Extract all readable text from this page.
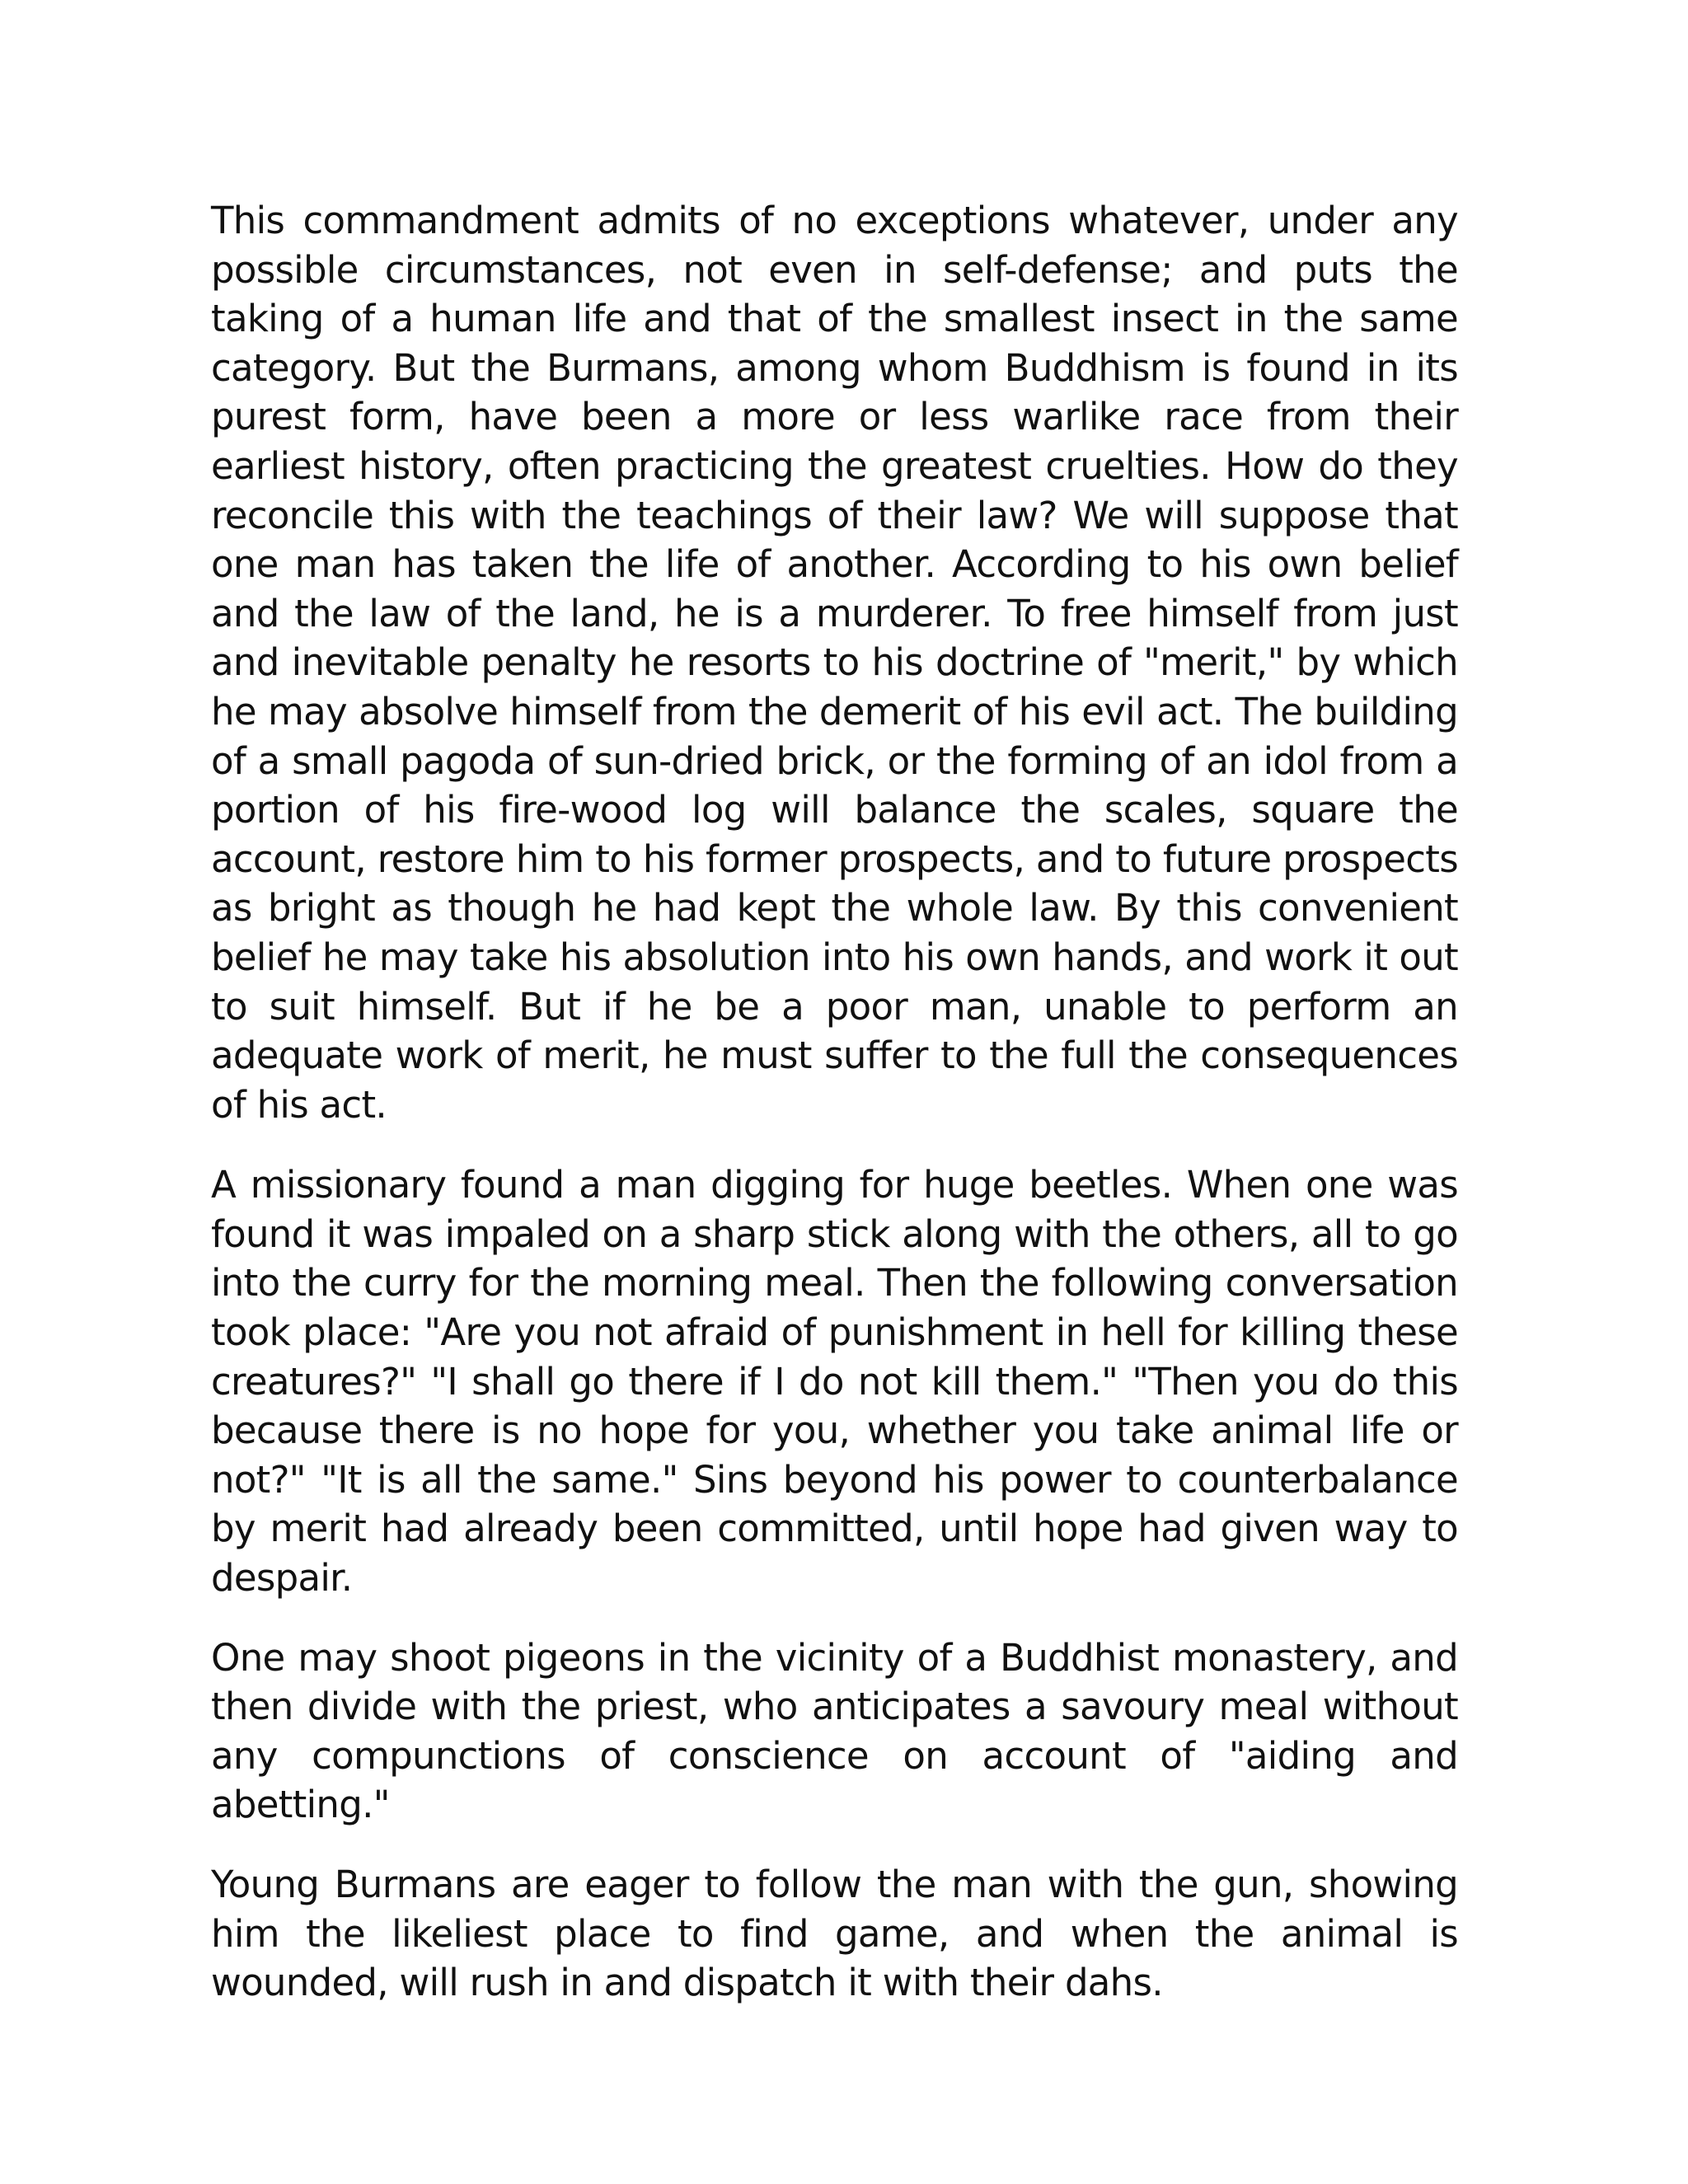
This commandment admits of no exceptions whatever, under any possible circumstances, not even in self-defense; and puts the taking of a human life and that of the smallest insect in the same category. But the Burmans, among whom Buddhism is found in its purest form, have been a more or less warlike race from their earliest history, often practicing the greatest cruelties. How do they reconcile this with the teachings of their law? We will suppose that one man has taken the life of another. According to his own belief and the law of the land, he is a murderer. To free himself from just and inevitable penalty he resorts to his doctrine of "merit," by which he may absolve himself from the demerit of his evil act. The building of a small pagoda of sun-dried brick, or the forming of an idol from a portion of his fire-wood log will balance the scales, square the account, restore him to his former prospects, and to future prospects as bright as though he had kept the whole law. By this convenient belief he may take his absolution into his own hands, and work it out to suit himself. But if he be a poor man, unable to perform an adequate work of merit, he must suffer to the full the consequences of his act.

A missionary found a man digging for huge beetles. When one was found it was impaled on a sharp stick along with the others, all to go into the curry for the morning meal. Then the following conversation took place: "Are you not afraid of punishment in hell for killing these creatures?" "I shall go there if I do not kill them." "Then you do this because there is no hope for you, whether you take animal life or not?" "It is all the same." Sins beyond his power to counterbalance by merit had already been committed, until hope had given way to despair.

One may shoot pigeons in the vicinity of a Buddhist monastery, and then divide with the priest, who anticipates a savoury meal without any compunctions of conscience on account of "aiding and abetting."

Young Burmans are eager to follow the man with the gun, showing him the likeliest place to find game, and when the animal is wounded, will rush in and dispatch it with their dahs.
